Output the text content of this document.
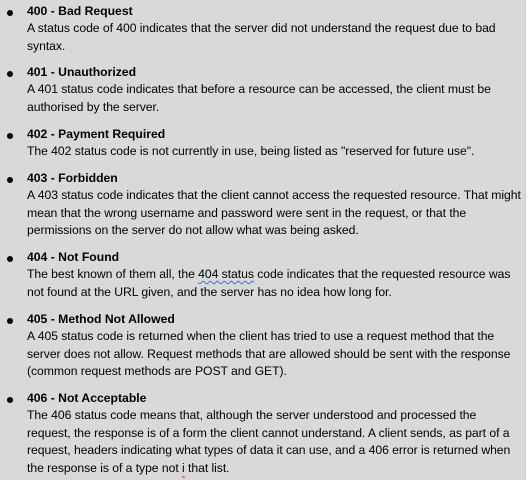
400 - Bad Request
A status code of 400 indicates that the server did not understand the request due to bad syntax.
401 - Unauthorized
A 401 status code indicates that before a resource can be accessed, the client must be authorised by the server.
402 - Payment Required
The 402 status code is not currently in use, being listed as "reserved for future use".
403 - Forbidden
A 403 status code indicates that the client cannot access the requested resource. That might mean that the wrong username and password were sent in the request, or that the permissions on the server do not allow what was being asked.
404 - Not Found
The best known of them all, the 404 status code indicates that the requested resource was not found at the URL given, and the server has no idea how long for.
405 - Method Not Allowed
A 405 status code is returned when the client has tried to use a request method that the server does not allow. Request methods that are allowed should be sent with the response (common request methods are POST and GET).
406 - Not Acceptable
The 406 status code means that, although the server understood and processed the request, the response is of a form the client cannot understand. A client sends, as part of a request, headers indicating what types of data it can use, and a 406 error is returned when the response is of a type not i that list.
